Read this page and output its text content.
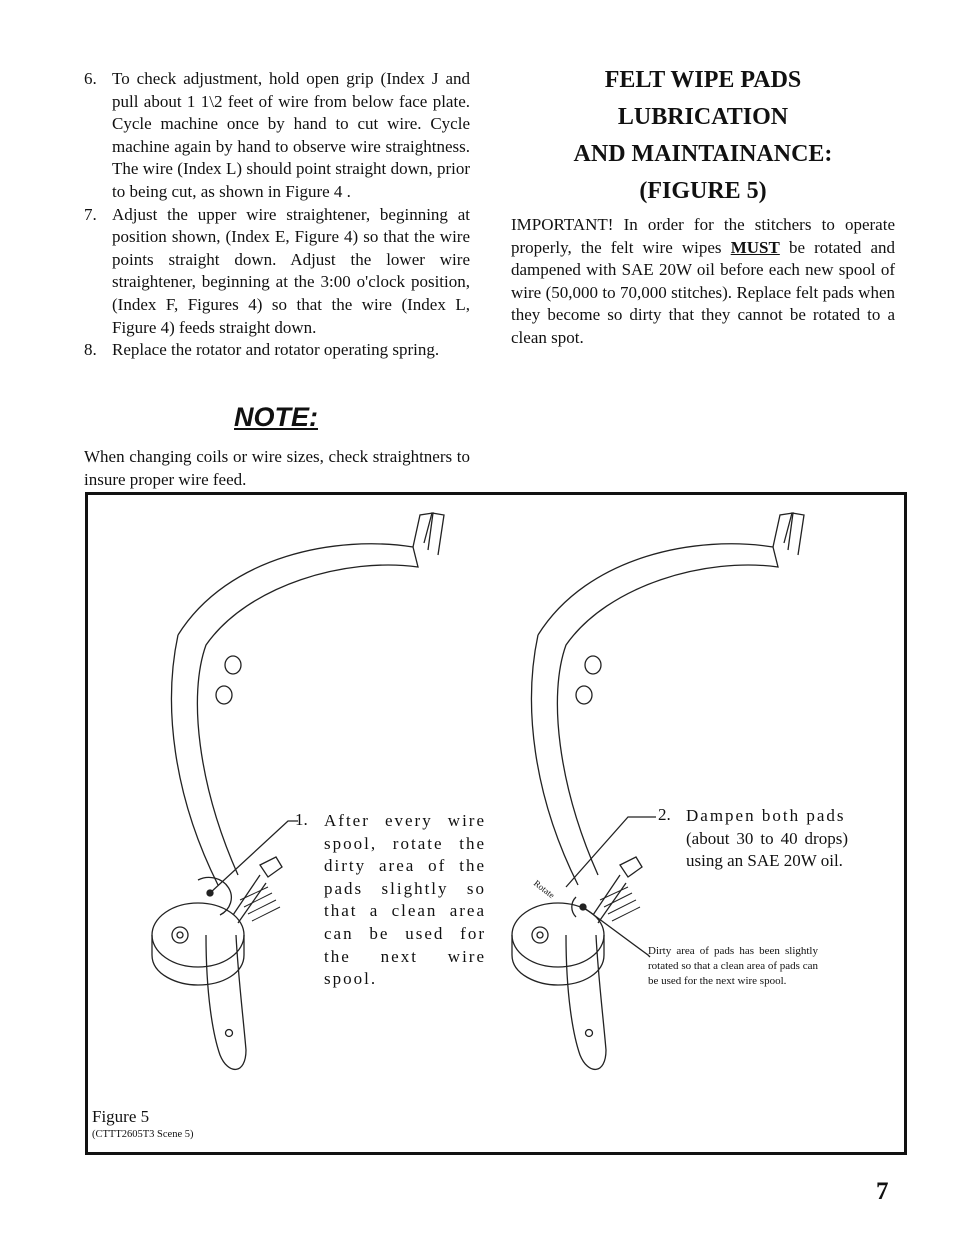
6. To check adjustment, hold open grip (Index J and pull about 1 1\2 feet of wire from below face plate. Cycle machine once by hand to cut wire. Cycle machine again by hand to observe wire straightness. The wire (Index L) should point straight down, prior to being cut, as shown in Figure 4 .
7. Adjust the upper wire straightener, beginning at position shown, (Index E, Figure 4) so that the wire points straight down. Adjust the lower wire straightener, beginning at the 3:00 o'clock position, (Index F, Figures 4) so that the wire (Index L, Figure 4) feeds straight down.
8. Replace the rotator and rotator operating spring.
NOTE:
When changing coils or wire sizes, check straightners to insure proper wire feed.
FELT WIPE PADS
LUBRICATION
AND MAINTAINANCE:
(FIGURE 5)
IMPORTANT! In order for the stitchers to operate properly, the felt wire wipes MUST be rotated and dampened with SAE 20W oil before each new spool of wire (50,000 to 70,000 stitches). Replace felt pads when they become so dirty that they cannot be rotated to a clean spot.
Rotate
1. After every wire spool, rotate the dirty area of the pads slightly so that a clean area can be used for the next wire spool.
2. Dampen both pads
(about 30 to 40 drops) using an SAE 20W oil.
Dirty area of pads has been slightly rotated so that a clean area of pads can be used for the next wire spool.
Figure 5
(CTTT2605T3 Scene 5)
7
